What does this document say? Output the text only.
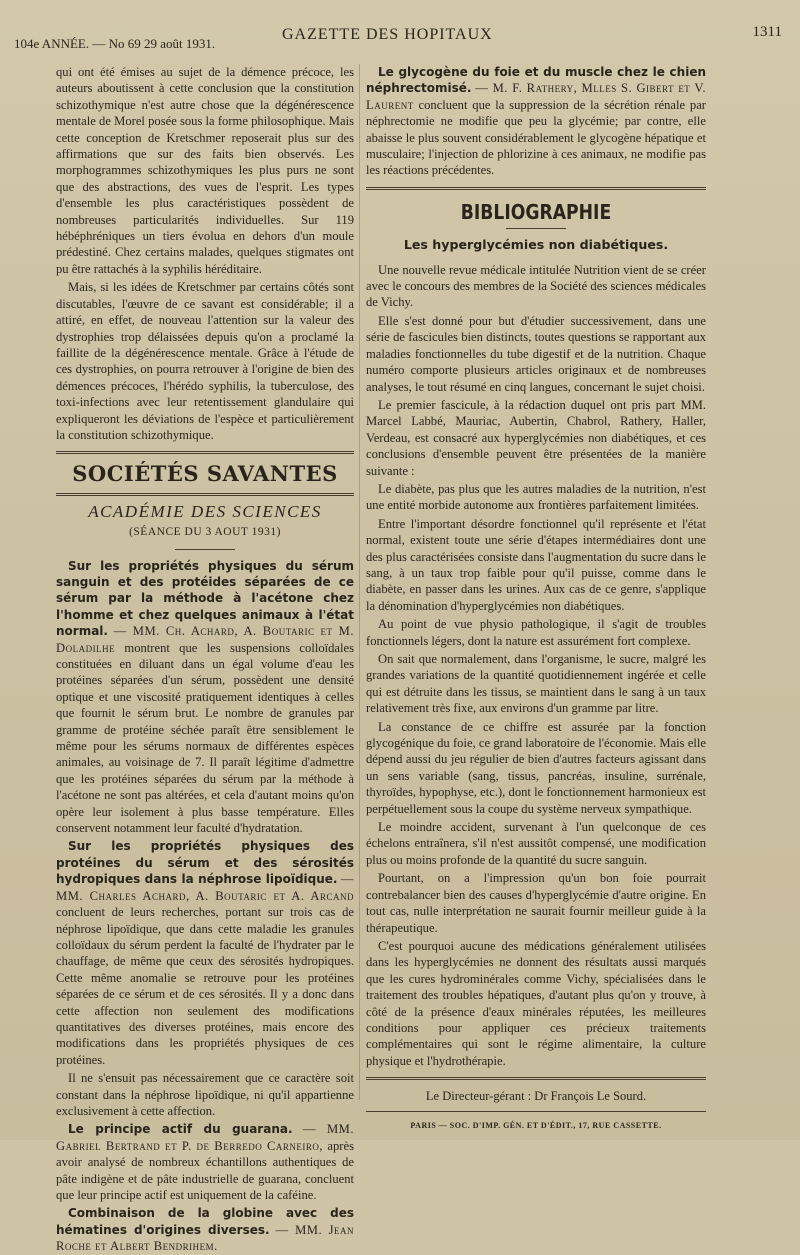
104e ANNÉE. — No 69 29 août 1931.
GAZETTE DES HOPITAUX	1311

qui ont été émises au sujet de la démence précoce, les auteurs aboutissent à cette conclusion que la constitution schizothymique n'est autre chose que la dégénérescence mentale de Morel posée sous la forme philosophique. Mais cette conception de Kretschmer reposerait plus sur des affirmations que sur des faits bien observés. Les morphogrammes schizothymiques les plus purs ne sont que des abstractions, des vues de l'esprit. Les types d'ensemble les plus caractéristiques possèdent de nombreuses particularités individuelles. Sur 119 hébéphréniques un tiers évolua en dehors d'un moule prédestiné. Chez certains malades, quelques stigmates ont pu être rattachés à la syphilis héréditaire.

Mais, si les idées de Kretschmer par certains côtés sont discutables, l'œuvre de ce savant est considérable; il a attiré, en effet, de nouveau l'attention sur la valeur des dystrophies trop délaissées depuis qu'on a proclamé la faillite de la dégénérescence mentale. Grâce à l'étude de ces dystrophies, on pourra retrouver à l'origine de bien des démences précoces, l'hérédo syphilis, la tuberculose, des toxi-infections avec leur retentissement glandulaire qui expliqueront les déviations de l'espèce et particulièrement la constitution schizothymique.

SOCIÉTÉS SAVANTES
ACADÉMIE DES SCIENCES
(SÉANCE DU 3 AOUT 1931)

Sur les propriétés physiques du sérum sanguin et des protéides séparées de ce sérum par la méthode à l'acétone chez l'homme et chez quelques animaux à l'état normal. — MM. Ch. Achard, A. Boutaric et M. Doladilhe montrent que les suspensions colloïdales constituées en diluant dans un égal volume d'eau les protéines séparées d'un sérum, possèdent une densité optique et une viscosité pratiquement identiques à celles que fournit le sérum brut. Le nombre de granules par gramme de protéine séchée paraît être sensiblement le même pour les sérums normaux de différentes espèces animales, au voisinage de 7. Il paraît légitime d'admettre que les protéines séparées du sérum par la méthode à l'acétone ne sont pas altérées, et cela d'autant moins qu'on opère leur isolement à plus basse température. Elles conservent notamment leur faculté d'hydratation.

Sur les propriétés physiques des protéines du sérum et des sérosités hydropiques dans la néphrose lipoïdique. — MM. Charles Achard, A. Boutaric et A. Arcand concluent de leurs recherches, portant sur trois cas de néphrose lipoïdique, que dans cette maladie les granules colloïdaux du sérum perdent la faculté de l'hydrater par le chauffage, de même que ceux des sérosités hydropiques. Cette même anomalie se retrouve pour les protéines séparées de ce sérum et de ces sérosités. Il y a donc dans cette affection non seulement des modifications quantitatives des diverses protéines, mais encore des modifications dans les propriétés physiques de ces protéines.

Il ne s'ensuit pas nécessairement que ce caractère soit constant dans la néphrose lipoïdique, ni qu'il appartienne exclusivement à cette affection.

Le principe actif du guarana. — MM. Gabriel Bertrand et P. de Berredo Carneiro, après avoir analysé de nombreux échantillons authentiques de pâte indigène et de pâte industrielle de guarana, concluent que leur principe actif est uniquement de la caféine.

Combinaison de la globine avec des hématines d'origines diverses. — MM. Jean Roche et Albert Bendrihem.

Le glycogène du foie et du muscle chez le chien néphrectomisé. — M. F. Rathery, Mlles S. Gibert et V. Laurent concluent que la suppression de la sécrétion rénale par néphrectomie ne modifie que peu la glycémie; par contre, elle abaisse le plus souvent considérablement le glycogène hépatique et musculaire; l'injection de phlorizine à ces animaux, ne modifie pas les réactions précédentes.

BIBLIOGRAPHIE
Les hyperglycémies non diabétiques.

Une nouvelle revue médicale intitulée Nutrition vient de se créer avec le concours des membres de la Société des sciences médicales de Vichy.

Elle s'est donné pour but d'étudier successivement, dans une série de fascicules bien distincts, toutes questions se rapportant aux maladies fonctionnelles du tube digestif et de la nutrition. Chaque numéro comporte plusieurs articles originaux et de nombreuses analyses, le tout résumé en cinq langues, concernant le sujet choisi.

Le premier fascicule, à la rédaction duquel ont pris part MM. Marcel Labbé, Mauriac, Aubertin, Chabrol, Rathery, Haller, Verdeau, est consacré aux hyperglycémies non diabétiques, et ces conclusions d'ensemble peuvent être présentées de la manière suivante :

Le diabète, pas plus que les autres maladies de la nutrition, n'est une entité morbide autonome aux frontières parfaitement limitées.

Entre l'important désordre fonctionnel qu'il représente et l'état normal, existent toute une série d'étapes intermédiaires dont une des plus caractérisées consiste dans l'augmentation du sucre dans le sang, à un taux trop faible pour qu'il puisse, comme dans le diabète, en passer dans les urines. Aux cas de ce genre, s'applique la dénomination d'hyperglycémies non diabétiques.

Au point de vue physio pathologique, il s'agit de troubles fonctionnels légers, dont la nature est assurément fort complexe.

On sait que normalement, dans l'organisme, le sucre, malgré les grandes variations de la quantité quotidiennement ingérée et celle qui est détruite dans les tissus, se maintient dans le sang à un taux relativement très fixe, aux environs d'un gramme par litre.

La constance de ce chiffre est assurée par la fonction glycogénique du foie, ce grand laboratoire de l'économie. Mais elle dépend aussi du jeu régulier de bien d'autres facteurs agissant dans un sens variable (sang, tissus, pancréas, insuline, surrénale, thyroïdes, hypophyse, etc.), dont le fonctionnement harmonieux est perpétuellement sous la coupe du système nerveux sympathique.

Le moindre accident, survenant à l'un quelconque de ces échelons entraînera, s'il n'est aussitôt compensé, une modification plus ou moins profonde de la quantité du sucre sanguin.

Pourtant, on a l'impression qu'un bon foie pourrait contrebalancer bien des causes d'hyperglycémie d'autre origine. En tout cas, nulle interprétation ne saurait fournir meilleur guide à la thérapeutique.

C'est pourquoi aucune des médications généralement utilisées dans les hyperglycémies ne donnent des résultats aussi marqués que les cures hydrominérales comme Vichy, spécialisées dans le traitement des troubles hépatiques, d'autant plus qu'on y trouve, à côté de la présence d'eaux minérales réputées, les meilleures conditions pour appliquer ces précieux traitements complémentaires qui sont le régime alimentaire, la culture physique et l'hydrothérapie.

Le Directeur-gérant : Dr François Le Sourd.
PARIS — SOC. D'IMP. GÉN. ET D'ÉDIT., 17, RUE CASSETTE.
